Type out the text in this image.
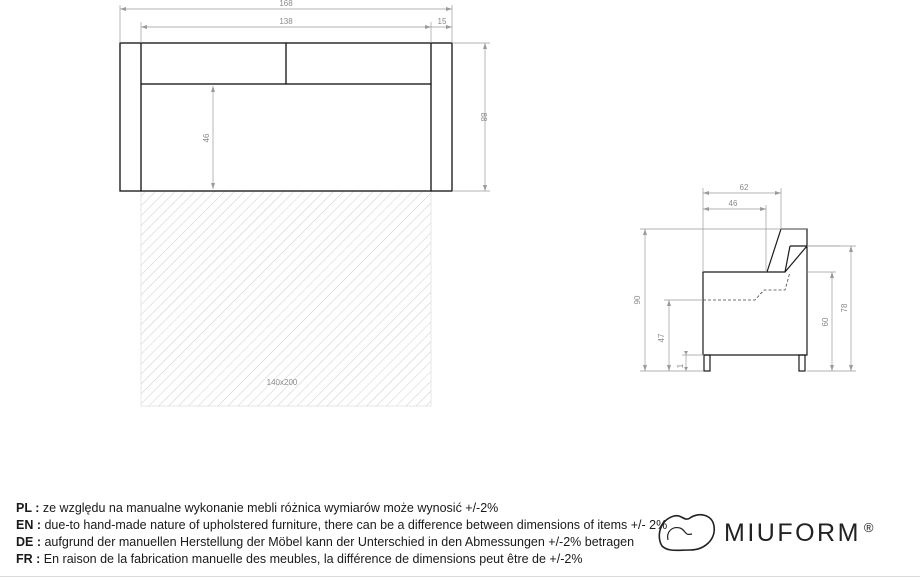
140x200
168
138	15
88
46
62
46
90
47
1
60
78
PL : ze względu na manualne wykonanie mebli różnica wymiarów może wynosić +/-2%
EN : due-to hand-made nature of upholstered furniture, there can be a difference between dimensions of items +/- 2%
DE : aufgrund der manuellen Herstellung der Möbel kann der Unterschied in den Abmessungen +/-2% betragen
FR : En raison de la fabrication manuelle des meubles, la différence de dimensions peut être de +/-2%
MIUFORM ®
